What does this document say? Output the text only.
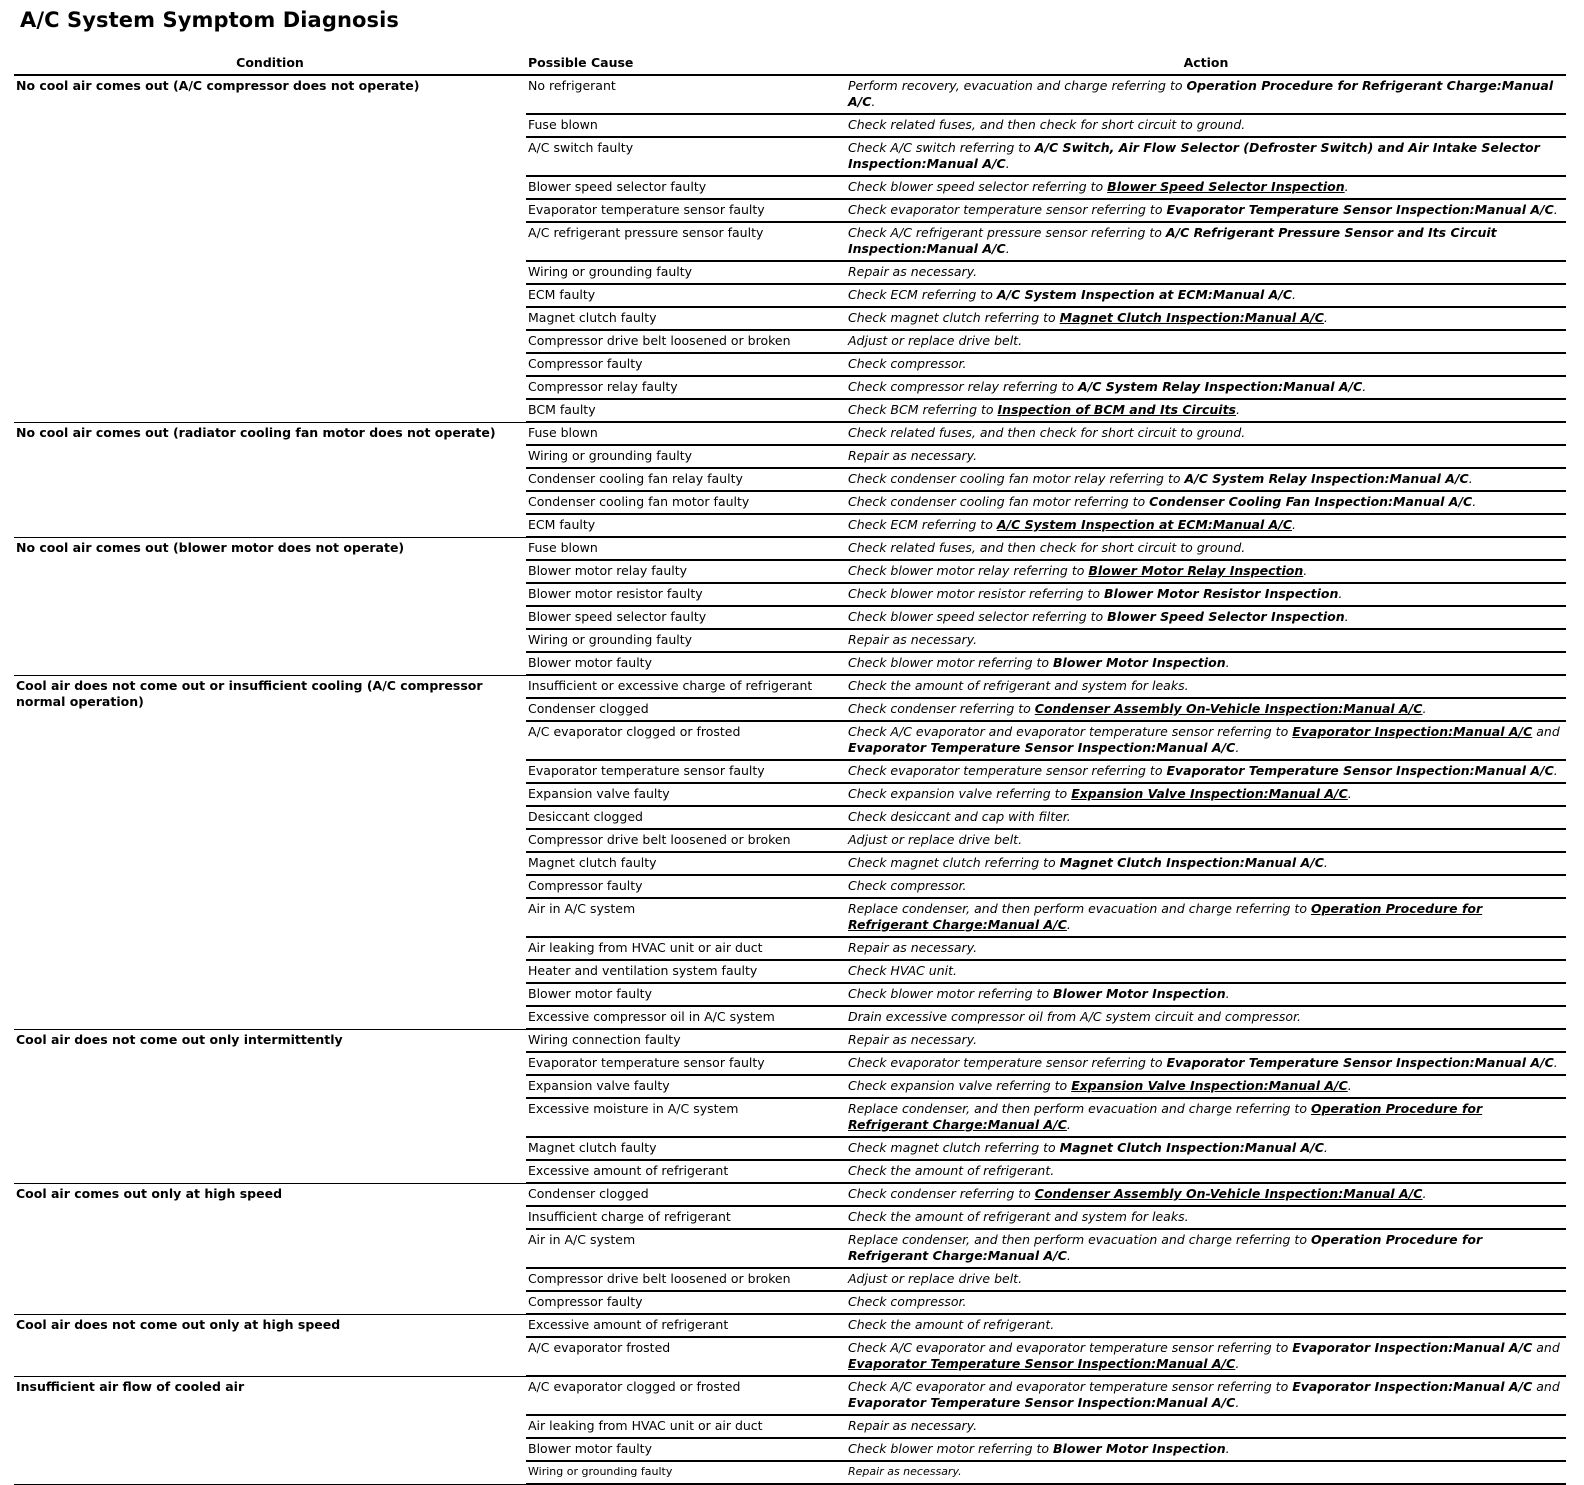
A/C System Symptom Diagnosis
Condition	Possible Cause	Action
No cool air comes out (A/C compressor does not operate)	No refrigerant	Perform recovery, evacuation and charge referring to Operation Procedure for Refrigerant Charge:Manual A/C.
	Fuse blown	Check related fuses, and then check for short circuit to ground.
	A/C switch faulty	Check A/C switch referring to A/C Switch, Air Flow Selector (Defroster Switch) and Air Intake Selector Inspection:Manual A/C.
	Blower speed selector faulty	Check blower speed selector referring to Blower Speed Selector Inspection.
	Evaporator temperature sensor faulty	Check evaporator temperature sensor referring to Evaporator Temperature Sensor Inspection:Manual A/C.
	A/C refrigerant pressure sensor faulty	Check A/C refrigerant pressure sensor referring to A/C Refrigerant Pressure Sensor and Its Circuit Inspection:Manual A/C.
	Wiring or grounding faulty	Repair as necessary.
	ECM faulty	Check ECM referring to A/C System Inspection at ECM:Manual A/C.
	Magnet clutch faulty	Check magnet clutch referring to Magnet Clutch Inspection:Manual A/C.
	Compressor drive belt loosened or broken	Adjust or replace drive belt.
	Compressor faulty	Check compressor.
	Compressor relay faulty	Check compressor relay referring to A/C System Relay Inspection:Manual A/C.
	BCM faulty	Check BCM referring to Inspection of BCM and Its Circuits.
No cool air comes out (radiator cooling fan motor does not operate)	Fuse blown	Check related fuses, and then check for short circuit to ground.
	Wiring or grounding faulty	Repair as necessary.
	Condenser cooling fan relay faulty	Check condenser cooling fan motor relay referring to A/C System Relay Inspection:Manual A/C.
	Condenser cooling fan motor faulty	Check condenser cooling fan motor referring to Condenser Cooling Fan Inspection:Manual A/C.
	ECM faulty	Check ECM referring to A/C System Inspection at ECM:Manual A/C.
No cool air comes out (blower motor does not operate)	Fuse blown	Check related fuses, and then check for short circuit to ground.
	Blower motor relay faulty	Check blower motor relay referring to Blower Motor Relay Inspection.
	Blower motor resistor faulty	Check blower motor resistor referring to Blower Motor Resistor Inspection.
	Blower speed selector faulty	Check blower speed selector referring to Blower Speed Selector Inspection.
	Wiring or grounding faulty	Repair as necessary.
	Blower motor faulty	Check blower motor referring to Blower Motor Inspection.
Cool air does not come out or insufficient cooling (A/C compressor normal operation)	Insufficient or excessive charge of refrigerant	Check the amount of refrigerant and system for leaks.
	Condenser clogged	Check condenser referring to Condenser Assembly On-Vehicle Inspection:Manual A/C.
	A/C evaporator clogged or frosted	Check A/C evaporator and evaporator temperature sensor referring to Evaporator Inspection:Manual A/C and Evaporator Temperature Sensor Inspection:Manual A/C.
	Evaporator temperature sensor faulty	Check evaporator temperature sensor referring to Evaporator Temperature Sensor Inspection:Manual A/C.
	Expansion valve faulty	Check expansion valve referring to Expansion Valve Inspection:Manual A/C.
	Desiccant clogged	Check desiccant and cap with filter.
	Compressor drive belt loosened or broken	Adjust or replace drive belt.
	Magnet clutch faulty	Check magnet clutch referring to Magnet Clutch Inspection:Manual A/C.
	Compressor faulty	Check compressor.
	Air in A/C system	Replace condenser, and then perform evacuation and charge referring to Operation Procedure for Refrigerant Charge:Manual A/C.
	Air leaking from HVAC unit or air duct	Repair as necessary.
	Heater and ventilation system faulty	Check HVAC unit.
	Blower motor faulty	Check blower motor referring to Blower Motor Inspection.
	Excessive compressor oil in A/C system	Drain excessive compressor oil from A/C system circuit and compressor.
Cool air does not come out only intermittently	Wiring connection faulty	Repair as necessary.
	Evaporator temperature sensor faulty	Check evaporator temperature sensor referring to Evaporator Temperature Sensor Inspection:Manual A/C.
	Expansion valve faulty	Check expansion valve referring to Expansion Valve Inspection:Manual A/C.
	Excessive moisture in A/C system	Replace condenser, and then perform evacuation and charge referring to Operation Procedure for Refrigerant Charge:Manual A/C.
	Magnet clutch faulty	Check magnet clutch referring to Magnet Clutch Inspection:Manual A/C.
	Excessive amount of refrigerant	Check the amount of refrigerant.
Cool air comes out only at high speed	Condenser clogged	Check condenser referring to Condenser Assembly On-Vehicle Inspection:Manual A/C.
	Insufficient charge of refrigerant	Check the amount of refrigerant and system for leaks.
	Air in A/C system	Replace condenser, and then perform evacuation and charge referring to Operation Procedure for Refrigerant Charge:Manual A/C.
	Compressor drive belt loosened or broken	Adjust or replace drive belt.
	Compressor faulty	Check compressor.
Cool air does not come out only at high speed	Excessive amount of refrigerant	Check the amount of refrigerant.
	A/C evaporator frosted	Check A/C evaporator and evaporator temperature sensor referring to Evaporator Inspection:Manual A/C and Evaporator Temperature Sensor Inspection:Manual A/C.
Insufficient air flow of cooled air	A/C evaporator clogged or frosted	Check A/C evaporator and evaporator temperature sensor referring to Evaporator Inspection:Manual A/C and Evaporator Temperature Sensor Inspection:Manual A/C.
	Air leaking from HVAC unit or air duct	Repair as necessary.
	Blower motor faulty	Check blower motor referring to Blower Motor Inspection.
	Wiring or grounding faulty	Repair as necessary.
